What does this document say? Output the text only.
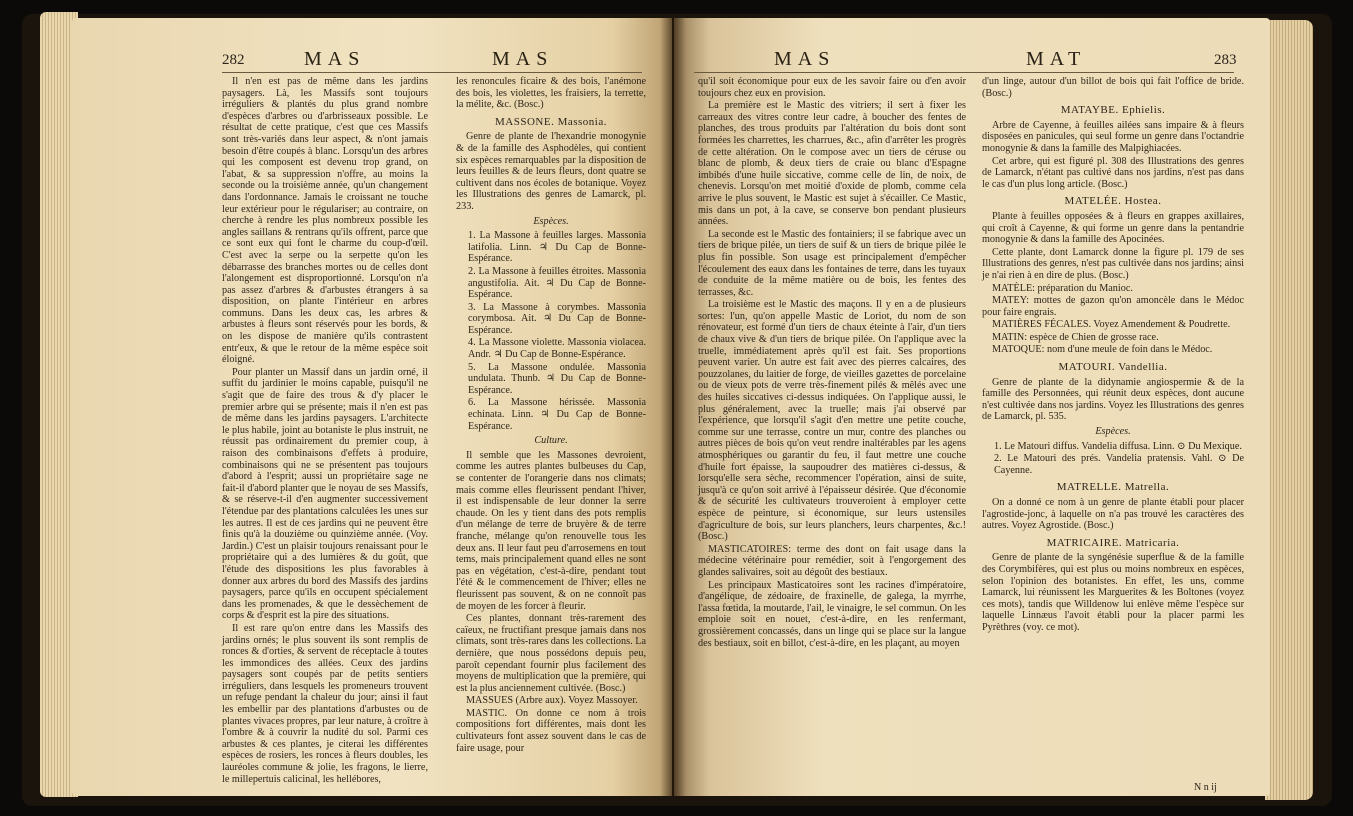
282	MAS	MAS

Il n'en est pas de même dans les jardins paysagers. Là, les Massifs sont toujours irréguliers & plantés du plus grand nombre d'espèces d'arbres ou d'arbrisseaux possible. Le résultat de cette pratique, c'est que ces Massifs sont très-variés dans leur aspect, & n'ont jamais besoin d'être coupés à blanc. Lorsqu'un des arbres qui les composent est devenu trop grand, on l'abat, & sa suppression n'offre, au moins la seconde ou la troisième année, qu'un changement dans l'ordonnance. Jamais le croissant ne touche leur extérieur pour le régulariser; au contraire, on cherche à rendre les plus nombreux possible les angles saillans & rentrans qu'ils offrent, parce que ce sont eux qui font le charme du coup-d'œil. C'est avec la serpe ou la serpette qu'on les débarrasse des branches mortes ou de celles dont l'alongement est disproportionné. Lorsqu'on n'a pas assez d'arbres & d'arbustes étrangers à sa disposition, on plante l'intérieur en arbres communs. Dans les deux cas, les arbres & arbustes à fleurs sont réservés pour les bords, & on les dispose de manière qu'ils contrastent entr'eux, & que le retour de la même espèce soit éloigné.

Pour planter un Massif dans un jardin orné, il suffit du jardinier le moins capable, puisqu'il ne s'agit que de faire des trous & d'y placer le premier arbre qui se présente; mais il n'en est pas de même dans les jardins paysagers. L'architecte le plus habile, joint au botaniste le plus instruit, ne réussit pas ordinairement du premier coup, à raison des combinaisons d'effets à produire, combinaisons qui ne se présentent pas toujours d'abord à l'esprit; aussi un propriétaire sage ne fait-il d'abord planter que le noyau de ses Massifs, & se réserve-t-il d'en augmenter successivement l'étendue par des plantations calculées les unes sur les autres. Il est de ces jardins qui ne peuvent être finis qu'à la douzième ou quinzième année. (Voy. Jardin.) C'est un plaisir toujours renaissant pour le propriétaire qui a des lumières & du goût, que l'étude des dispositions les plus favorables à donner aux arbres du bord des Massifs des jardins paysagers, parce qu'ils en occupent spécialement dans les promenades, & que le dessèchement de corps & d'esprit est la pire des situations.

Il est rare qu'on entre dans les Massifs des jardins ornés; le plus souvent ils sont remplis de ronces & d'orties, & servent de réceptacle à toutes les immondices des allées. Ceux des jardins paysagers sont coupés par de petits sentiers irréguliers, dans lesquels les promeneurs trouvent un refuge pendant la chaleur du jour; ainsi il faut les embellir par des plantations d'arbustes ou de plantes vivaces propres, par leur nature, à croître à l'ombre & à couvrir la nudité du sol. Parmi ces arbustes & ces plantes, je citerai les différentes espèces de rosiers, les ronces à fleurs doubles, les lauréoles commune & jolie, les fragons, le lierre, le millepertuis calicinal, les hellébores,

les renoncules ficaire & des bois, l'anémone des bois, les violettes, les fraisiers, la terrette, la mélite, &c. (Bosc.)

MASSONE. Massonia.

Genre de plante de l'hexandrie monogynie & de la famille des Asphodèles, qui contient six espèces remarquables par la disposition de leurs feuilles & de leurs fleurs, dont quatre se cultivent dans nos écoles de botanique. Voyez les Illustrations des genres de Lamarck, pl. 233.

Espèces.

1. La Massone à feuilles larges. Massonia latifolia. Linn. ♃ Du Cap de Bonne-Espérance.

2. La Massone à feuilles étroites. Massonia angustifolia. Ait. ♃ Du Cap de Bonne-Espérance.

3. La Massone à corymbes. Massonia corymbosa. Ait. ♃ Du Cap de Bonne-Espérance.

4. La Massone violette. Massonia violacea. Andr. ♃ Du Cap de Bonne-Espérance.

5. La Massone ondulée. Massonia undulata. Thunb. ♃ Du Cap de Bonne-Espérance.

6. La Massone hérissée. Massonia echinata. Linn. ♃ Du Cap de Bonne-Espérance.

Culture.

Il semble que les Massones devroient, comme les autres plantes bulbeuses du Cap, se contenter de l'orangerie dans nos climats; mais comme elles fleurissent pendant l'hiver, il est indispensable de leur donner la serre chaude. On les y tient dans des pots remplis d'un mélange de terre de bruyère & de terre franche, mélange qu'on renouvelle tous les deux ans. Il leur faut peu d'arrosemens en tout tems, mais principalement quand elles ne sont pas en végétation, c'est-à-dire, pendant tout l'été & le commencement de l'hiver; elles ne fleurissent pas souvent, & on ne connoît pas de moyen de les forcer à fleurir.

Ces plantes, donnant très-rarement des caïeux, ne fructifiant presque jamais dans nos climats, sont très-rares dans les collections. La dernière, que nous possédons depuis peu, paroît cependant fournir plus facilement des moyens de multiplication que la première, qui est la plus anciennement cultivée. (Bosc.)

MASSUES (Arbre aux). Voyez Massoyer.

MASTIC. On donne ce nom à trois compositions fort différentes, mais dont les cultivateurs font assez souvent dans le cas de faire usage, pour

MAS	MAT	283

qu'il soit économique pour eux de les savoir faire ou d'en avoir toujours chez eux en provision.

La première est le Mastic des vitriers; il sert à fixer les carreaux des vitres contre leur cadre, à boucher des fentes de planches, des trous produits par l'altération du bois dont sont formées les charrettes, les charrues, &c., afin d'arrêter les progrès de cette altération. On le compose avec un tiers de céruse ou blanc de plomb, & deux tiers de craie ou blanc d'Espagne imbibés d'une huile siccative, comme celle de lin, de noix, de chenevis. Lorsqu'on met moitié d'oxide de plomb, comme cela arrive le plus souvent, le Mastic est sujet à s'écailler. Ce Mastic, mis dans un pot, à la cave, se conserve bon pendant plusieurs années.

La seconde est le Mastic des fontainiers; il se fabrique avec un tiers de brique pilée, un tiers de suif & un tiers de brique pilée le plus fin possible. Son usage est principalement d'empêcher l'écoulement des eaux dans les fontaines de terre, dans les tuyaux de conduite de la même matière ou de bois, les fentes des terrasses, &c.

La troisième est le Mastic des maçons. Il y en a de plusieurs sortes: l'un, qu'on appelle Mastic de Loriot, du nom de son rénovateur, est formé d'un tiers de chaux éteinte à l'air, d'un tiers de chaux vive & d'un tiers de brique pilée. On l'applique avec la truelle, immédiatement après qu'il est fait. Ses proportions peuvent varier. Un autre est fait avec des pierres calcaires, des pouzzolanes, du laitier de forge, de vieilles gazettes de porcelaine ou de vieux pots de verre très-finement pilés & mêlés avec une des huiles siccatives ci-dessus indiquées. On l'applique aussi, le plus généralement, avec la truelle; mais j'ai observé par l'expérience, que lorsqu'il s'agit d'en mettre une petite couche, comme sur une terrasse, contre un mur, contre des planches ou autres pièces de bois qu'on veut rendre inaltérables par les agens atmosphériques ou garantir du feu, il faut mettre une couche d'huile fort épaisse, la saupoudrer des matières ci-dessus, & lorsqu'elle sera sèche, recommencer l'opération, ainsi de suite, jusqu'à ce qu'on soit arrivé à l'épaisseur désirée. Que d'économie & de sécurité les cultivateurs trouveroient à employer cette espèce de peinture, si économique, sur leurs ustensiles d'agriculture de bois, sur leurs planchers, leurs charpentes, &c.! (Bosc.)

MASTICATOIRES: terme des dont on fait usage dans la médecine vétérinaire pour remédier, soit à l'engorgement des glandes salivaires, soit au dégoût des bestiaux.

Les principaux Masticatoires sont les racines d'impératoire, d'angélique, de zédoaire, de fraxinelle, de galega, la myrrhe, l'assa fœtida, la moutarde, l'ail, le vinaigre, le sel commun. On les emploie soit en nouet, c'est-à-dire, en les renfermant, grossièrement concassés, dans un linge qui se place sur la langue des bestiaux, soit en billot, c'est-à-dire, en les plaçant, au moyen

d'un linge, autour d'un billot de bois qui fait l'office de bride. (Bosc.)

MATAYBE. Ephielis.

Arbre de Cayenne, à feuilles ailées sans impaire & à fleurs disposées en panicules, qui seul forme un genre dans l'octandrie monogynie & dans la famille des Malpighiacées.

Cet arbre, qui est figuré pl. 308 des Illustrations des genres de Lamarck, n'étant pas cultivé dans nos jardins, n'est pas dans le cas d'un plus long article. (Bosc.)

MATELÉE. Hostea.

Plante à feuilles opposées & à fleurs en grappes axillaires, qui croît à Cayenne, & qui forme un genre dans la pentandrie monogynie & dans la famille des Apocinées.

Cette plante, dont Lamarck donne la figure pl. 179 de ses Illustrations des genres, n'est pas cultivée dans nos jardins; ainsi je n'ai rien à en dire de plus. (Bosc.)

MATÈLE: préparation du Manioc.

MATEY: mottes de gazon qu'on amoncèle dans le Médoc pour faire engrais.

MATIÈRES FÉCALES. Voyez Amendement & Poudrette.

MATIN: espèce de Chien de grosse race.

MATOQUE: nom d'une meule de foin dans le Médoc.

MATOURI. Vandellia.

Genre de plante de la didynamie angiospermie & de la famille des Personnées, qui réunit deux espèces, dont aucune n'est cultivée dans nos jardins. Voyez les Illustrations des genres de Lamarck, pl. 535.

Espèces.

1. Le Matouri diffus. Vandelia diffusa. Linn. ⊙ Du Mexique.

2. Le Matouri des prés. Vandelia pratensis. Vahl. ⊙ De Cayenne.

MATRELLE. Matrella.

On a donné ce nom à un genre de plante établi pour placer l'agrostide-jonc, à laquelle on n'a pas trouvé les caractères des autres. Voyez Agrostide. (Bosc.)

MATRICAIRE. Matricaria.

Genre de plante de la syngénésie superflue & de la famille des Corymbifères, qui est plus ou moins nombreux en espèces, selon l'opinion des botanistes. En effet, les uns, comme Lamarck, lui réunissent les Marguerites & les Boltones (voyez ces mots), tandis que Willdenow lui enlève même l'espèce sur laquelle Linnæus l'avoit établi pour la placer parmi les Pyrèthres (voy. ce mot).

N n ij
